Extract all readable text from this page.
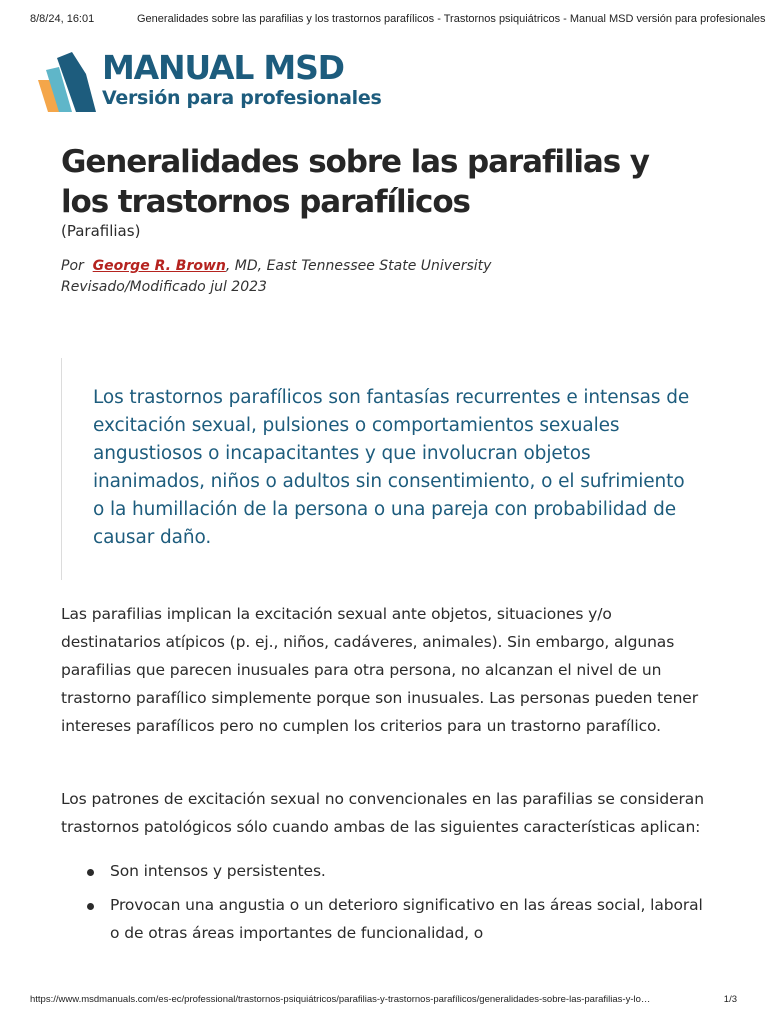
8/8/24, 16:01	Generalidades sobre las parafilias y los trastornos parafílicos - Trastornos psiquiátricos - Manual MSD versión para profesionales
MANUAL MSD
Versión para profesionales
Generalidades sobre las parafilias y los trastornos parafílicos
(Parafilias)
Por George R. Brown, MD, East Tennessee State University
Revisado/Modificado jul 2023

Los trastornos parafílicos son fantasías recurrentes e intensas de excitación sexual, pulsiones o comportamientos sexuales angustiosos o incapacitantes y que involucran objetos inanimados, niños o adultos sin consentimiento, o el sufrimiento o la humillación de la persona o una pareja con probabilidad de causar daño.

Las parafilias implican la excitación sexual ante objetos, situaciones y/o destinatarios atípicos (p. ej., niños, cadáveres, animales). Sin embargo, algunas parafilias que parecen inusuales para otra persona, no alcanzan el nivel de un trastorno parafílico simplemente porque son inusuales. Las personas pueden tener intereses parafílicos pero no cumplen los criterios para un trastorno parafílico.

Los patrones de excitación sexual no convencionales en las parafilias se consideran trastornos patológicos sólo cuando ambas de las siguientes características aplican:

Son intensos y persistentes.
Provocan una angustia o un deterioro significativo en las áreas social, laboral o de otras áreas importantes de funcionalidad, o
https://www.msdmanuals.com/es-ec/professional/trastornos-psiquiátricos/parafilias-y-trastornos-parafílicos/generalidades-sobre-las-parafilias-y-lo…	1/3
